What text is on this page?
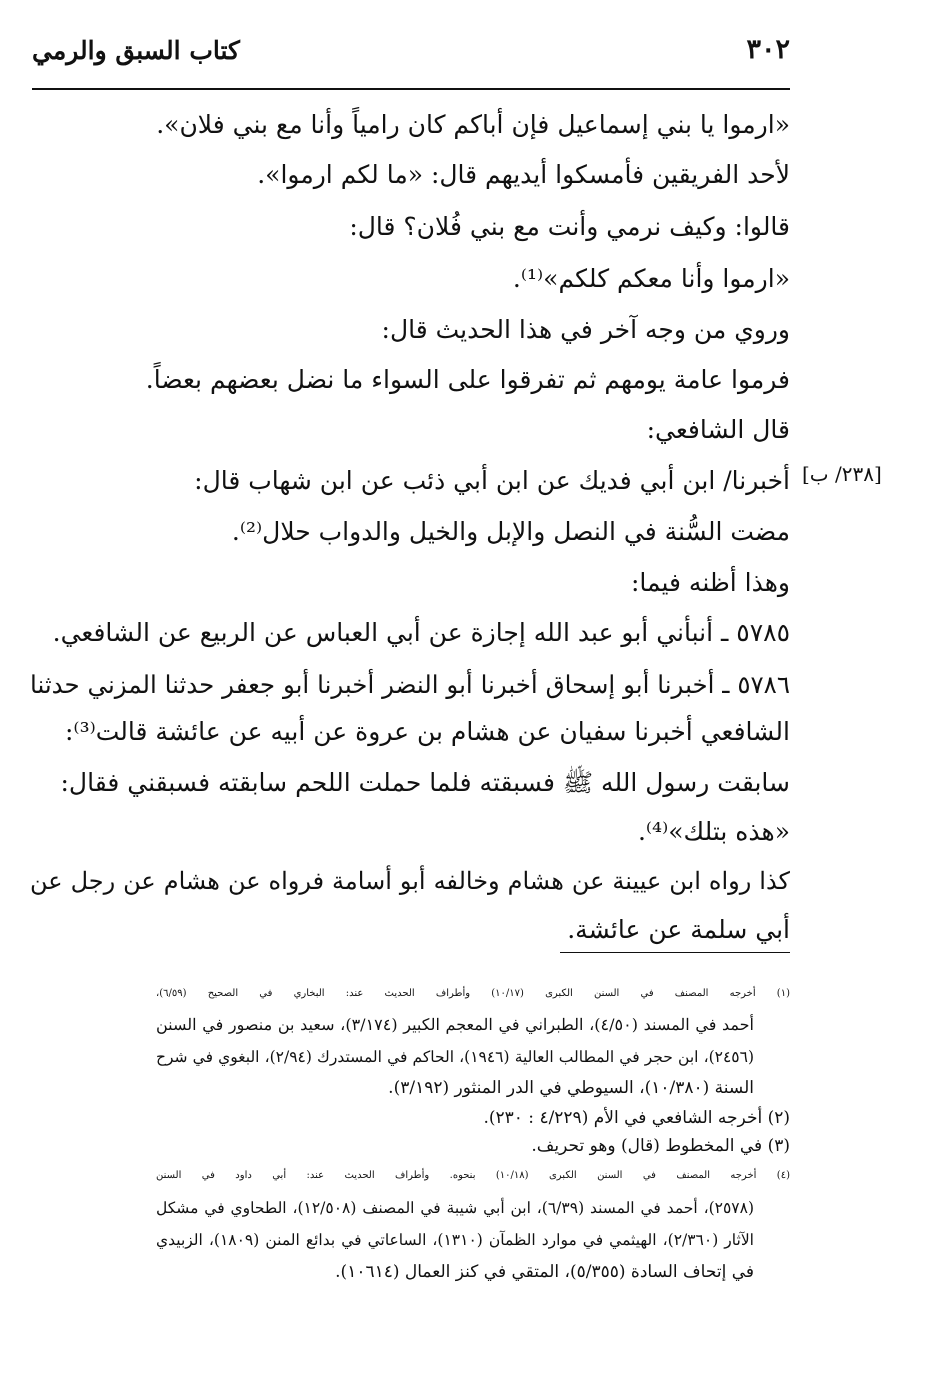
كتاب السبق والرمي	٣٠٢
[٢٣٨/ ب]
«ارموا يا بني إسماعيل فإن أباكم كان رامياً وأنا مع بني فلان».
لأحد الفريقين فأمسكوا أيديهم قال: «ما لكم ارموا».
قالوا: وكيف نرمي وأنت مع بني فُلان؟ قال:
«ارموا وأنا معكم كلكم»⁽¹⁾.
وروي من وجه آخر في هذا الحديث قال:
فرموا عامة يومهم ثم تفرقوا على السواء ما نضل بعضهم بعضاً.
قال الشافعي:
أخبرنا/ ابن أبي فديك عن ابن أبي ذئب عن ابن شهاب قال:
مضت السُّنة في النصل والإبل والخيل والدواب حلال⁽²⁾.
وهذا أظنه فيما:
٥٧٨٥ ـ أنبأني أبو عبد الله إجازة عن أبي العباس عن الربيع عن الشافعي.
٥٧٨٦ ـ أخبرنا أبو إسحاق أخبرنا أبو النضر أخبرنا أبو جعفر حدثنا المزني حدثنا
الشافعي أخبرنا سفيان عن هشام بن عروة عن أبيه عن عائشة قالت⁽³⁾:
سابقت رسول الله ﷺ فسبقته فلما حملت اللحم سابقته فسبقني فقال:
«هذه بتلك»⁽⁴⁾.
كذا رواه ابن عيينة عن هشام وخالفه أبو أسامة فرواه عن هشام عن رجل عن
أبي سلمة عن عائشة.
(١) أخرجه المصنف في السنن الكبرى (١٠/١٧) وأطراف الحديث عند: البخاري في الصحيح (٦/٥٩)،
أحمد في المسند (٤/٥٠)، الطبراني في المعجم الكبير (٣/١٧٤)، سعيد بن منصور في السنن
(٢٤٥٦)، ابن حجر في المطالب العالية (١٩٤٦)، الحاكم في المستدرك (٢/٩٤)، البغوي في شرح
السنة (١٠/٣٨٠)، السيوطي في الدر المنثور (٣/١٩٢).
(٢) أخرجه الشافعي في الأم (٤/٢٢٩ : ٢٣٠).
(٣) في المخطوط (قال) وهو تحريف.
(٤) أخرجه المصنف في السنن الكبرى (١٠/١٨) بنحوه. وأطراف الحديث عند: أبي داود في السنن
(٢٥٧٨)، أحمد في المسند (٦/٣٩)، ابن أبي شيبة في المصنف (١٢/٥٠٨)، الطحاوي في مشكل
الآثار (٢/٣٦٠)، الهيثمي في موارد الظمآن (١٣١٠)، الساعاتي في بدائع المنن (١٨٠٩)، الزبيدي
في إتحاف السادة (٥/٣٥٥)، المتقي في كنز العمال (١٠٦١٤).
